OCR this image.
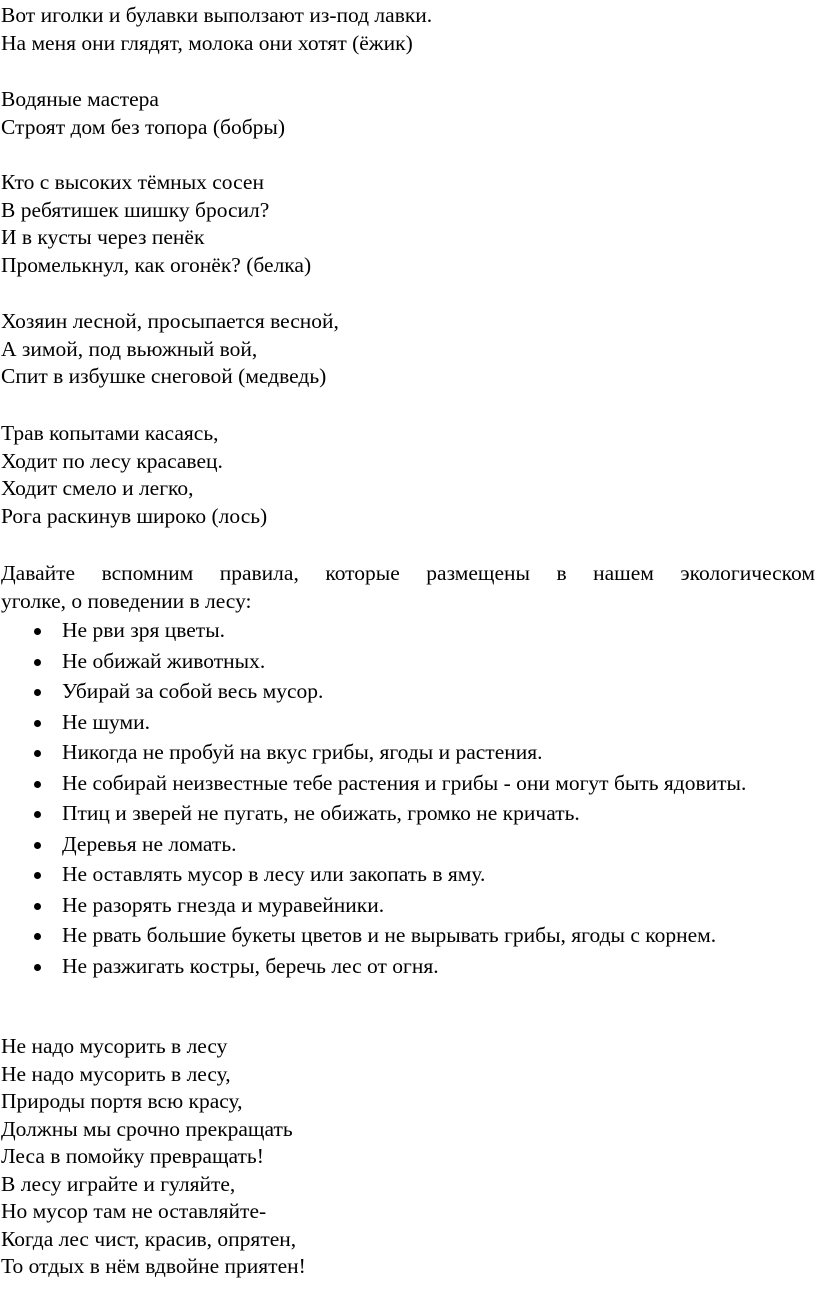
Вот иголки и булавки выползают из-под лавки.
На меня они глядят, молока они хотят (ёжик)
Водяные мастера
Строят дом без топора (бобры)
Кто с высоких тёмных сосен
В ребятишек шишку бросил?
И в кусты через пенёк
Промелькнул, как огонёк? (белка)
Хозяин лесной, просыпается весной,
А зимой, под вьюжный вой,
Спит в избушке снеговой (медведь)
Трав копытами касаясь,
Ходит по лесу красавец.
Ходит смело и легко,
Рога раскинув широко (лось)
Давайте вспомним правила, которые размещены в нашем экологическом
уголке, о поведении в лесу:
Не рви зря цветы.
Не обижай животных.
Убирай за собой весь мусор.
Не шуми.
Никогда не пробуй на вкус грибы, ягоды и растения.
Не собирай неизвестные тебе растения и грибы - они могут быть ядовиты.
Птиц и зверей не пугать, не обижать, громко не кричать.
Деревья не ломать.
Не оставлять мусор в лесу или закопать в яму.
Не разорять гнезда и муравейники.
Не рвать большие букеты цветов и не вырывать грибы, ягоды с корнем.
Не разжигать костры, беречь лес от огня.
Не надо мусорить в лесу
Не надо мусорить в лесу,
Природы портя всю красу,
Должны мы срочно прекращать
Леса в помойку превращать!
В лесу играйте и гуляйте,
Но мусор там не оставляйте-
Когда лес чист, красив, опрятен,
То отдых в нём вдвойне приятен!
